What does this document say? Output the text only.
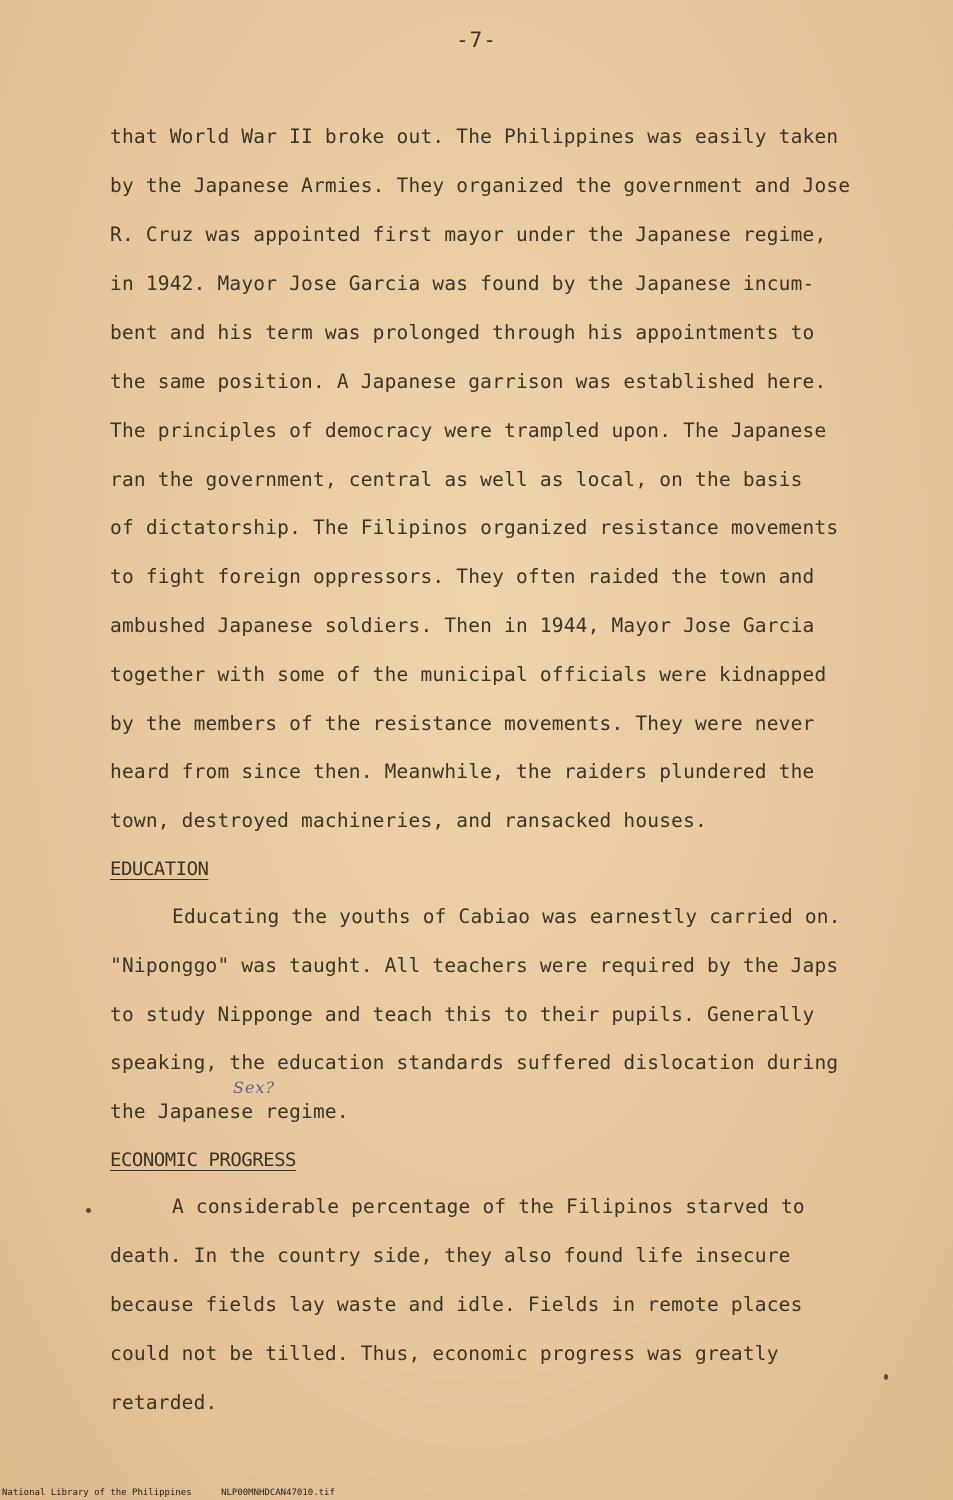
-7-
that World War II broke out. The Philippines was easily taken
by the Japanese Armies. They organized the government and Jose
R. Cruz was appointed first mayor under the Japanese regime,
in 1942. Mayor Jose Garcia was found by the Japanese incum-
bent and his term was prolonged through his appointments to
the same position. A Japanese garrison was established here.
The principles of democracy were trampled upon. The Japanese
ran the government, central as well as local, on the basis
of dictatorship. The Filipinos organized resistance movements
to fight foreign oppressors. They often raided the town and
ambushed Japanese soldiers. Then in 1944, Mayor Jose Garcia
together with some of the municipal officials were kidnapped
by the members of the resistance movements. They were never
heard from since then. Meanwhile, the raiders plundered the
town, destroyed machineries, and ransacked houses.
EDUCATION
Educating the youths of Cabiao was earnestly carried on.
"Niponggo" was taught. All teachers were required by the Japs
to study Nipponge and teach this to their pupils. Generally
speaking, the education standards suffered dislocation during
Sex?
the Japanese regime.
ECONOMIC PROGRESS
A considerable percentage of the Filipinos starved to
death. In the country side, they also found life insecure
because fields lay waste and idle. Fields in remote places
could not be tilled. Thus, economic progress was greatly
retarded.
National Library of the Philippines	NLP00MNHDCAN47010.tif
